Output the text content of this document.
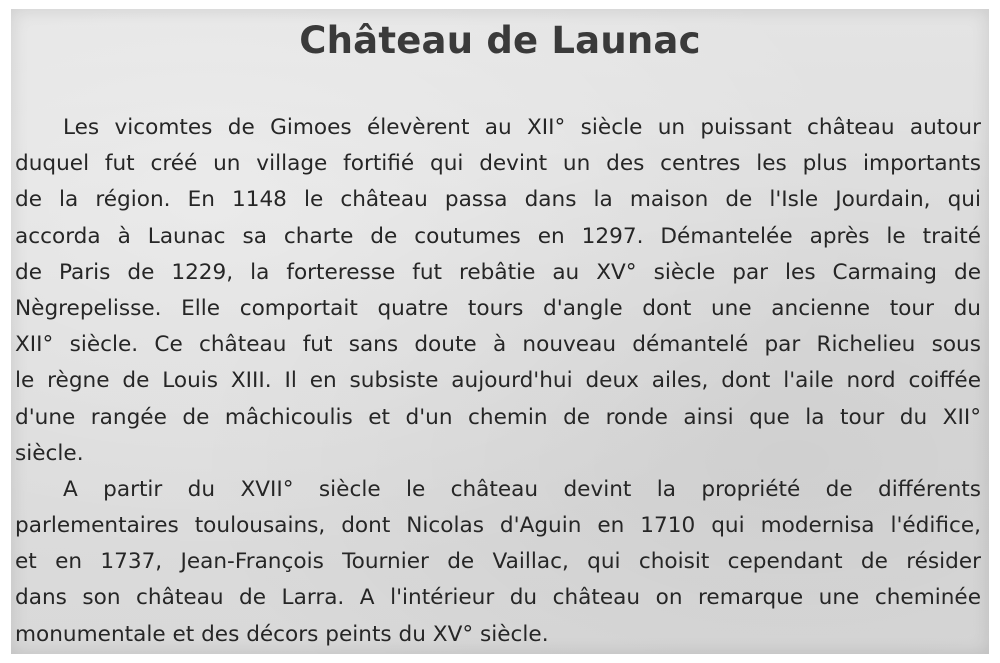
Château de Launac
Les vicomtes de Gimoes élevèrent au XII° siècle un puissant château autour
duquel fut créé un village fortifié qui devint un des centres les plus importants
de la région. En 1148 le château passa dans la maison de l'Isle Jourdain, qui
accorda à Launac sa charte de coutumes en 1297. Démantelée après le traité
de Paris de 1229, la forteresse fut rebâtie au XV° siècle par les Carmaing de
Nègrepelisse. Elle comportait quatre tours d'angle dont une ancienne tour du
XII° siècle. Ce château fut sans doute à nouveau démantelé par Richelieu sous
le règne de Louis XIII. Il en subsiste aujourd'hui deux ailes, dont l'aile nord coiffée
d'une rangée de mâchicoulis et d'un chemin de ronde ainsi que la tour du XII°
siècle.
A partir du XVII° siècle le château devint la propriété de différents
parlementaires toulousains, dont Nicolas d'Aguin en 1710 qui modernisa l'édifice,
et en 1737, Jean-François Tournier de Vaillac, qui choisit cependant de résider
dans son château de Larra. A l'intérieur du château on remarque une cheminée
monumentale et des décors peints du XV° siècle.
